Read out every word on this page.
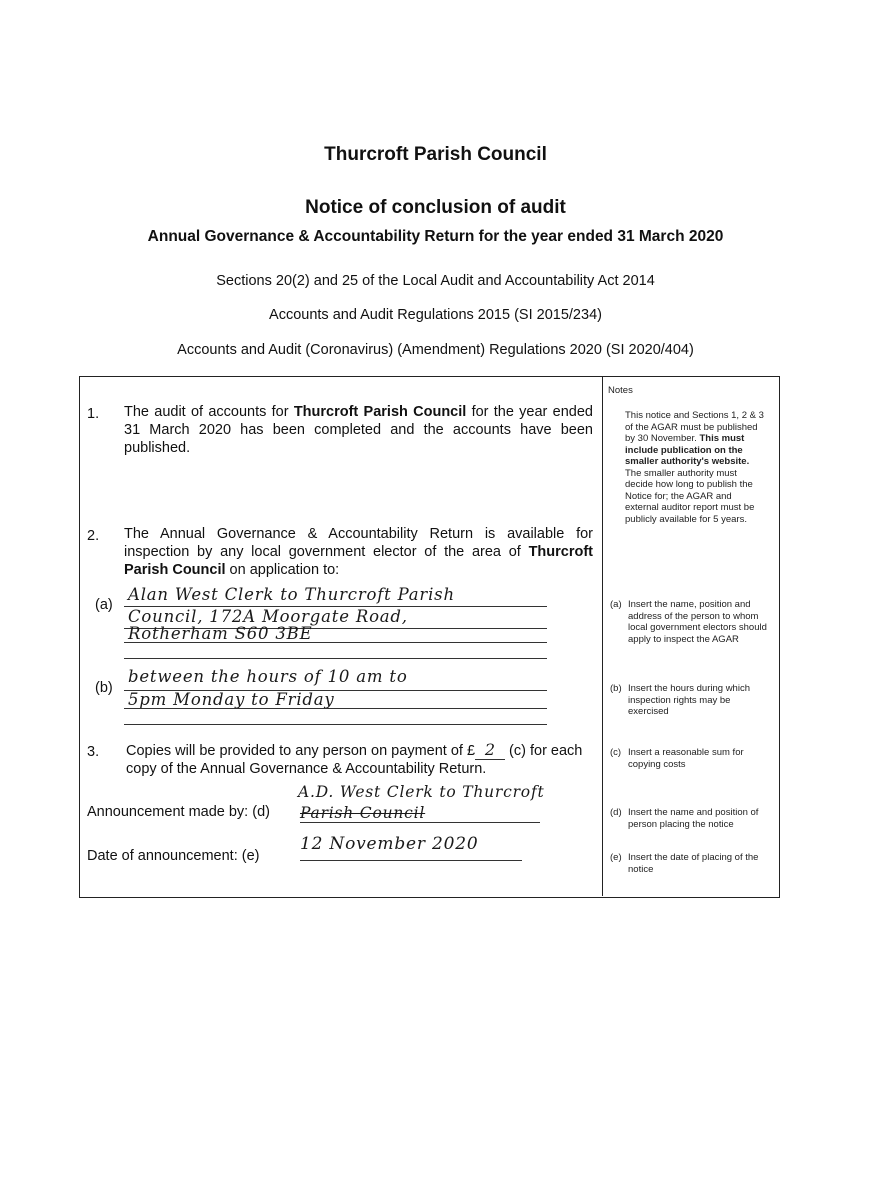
Thurcroft Parish Council
Notice of conclusion of audit
Annual Governance & Accountability Return for the year ended 31 March 2020
Sections 20(2) and 25 of the Local Audit and Accountability Act 2014
Accounts and Audit Regulations 2015 (SI 2015/234)
Accounts and Audit (Coronavirus) (Amendment) Regulations 2020 (SI 2020/404)
Notes
This notice and Sections 1, 2 & 3 of the AGAR must be published by 30 November. This must include publication on the smaller authority's website. The smaller authority must decide how long to publish the Notice for; the AGAR and external auditor report must be publicly available for 5 years.
(a) Insert the name, position and address of the person to whom local government electors should apply to inspect the AGAR
(b) Insert the hours during which inspection rights may be exercised
(c) Insert a reasonable sum for copying costs
(d) Insert the name and position of person placing the notice
(e) Insert the date of placing of the notice
1. The audit of accounts for Thurcroft Parish Council for the year ended 31 March 2020 has been completed and the accounts have been published.
2. The Annual Governance & Accountability Return is available for inspection by any local government elector of the area of Thurcroft Parish Council on application to:
(a)
Alan West Clerk to Thurcroft Parish
Council, 172A Moorgate Road,
Rotherham S60 3BE
(b)
between the hours of 10 am to
5pm Monday to Friday
3. Copies will be provided to any person on payment of £ 2 (c) for each copy of the Annual Governance & Accountability Return.
Announcement made by: (d)
A.D. West Clerk to Thurcroft
Parish Council
Date of announcement: (e)
12 November 2020
